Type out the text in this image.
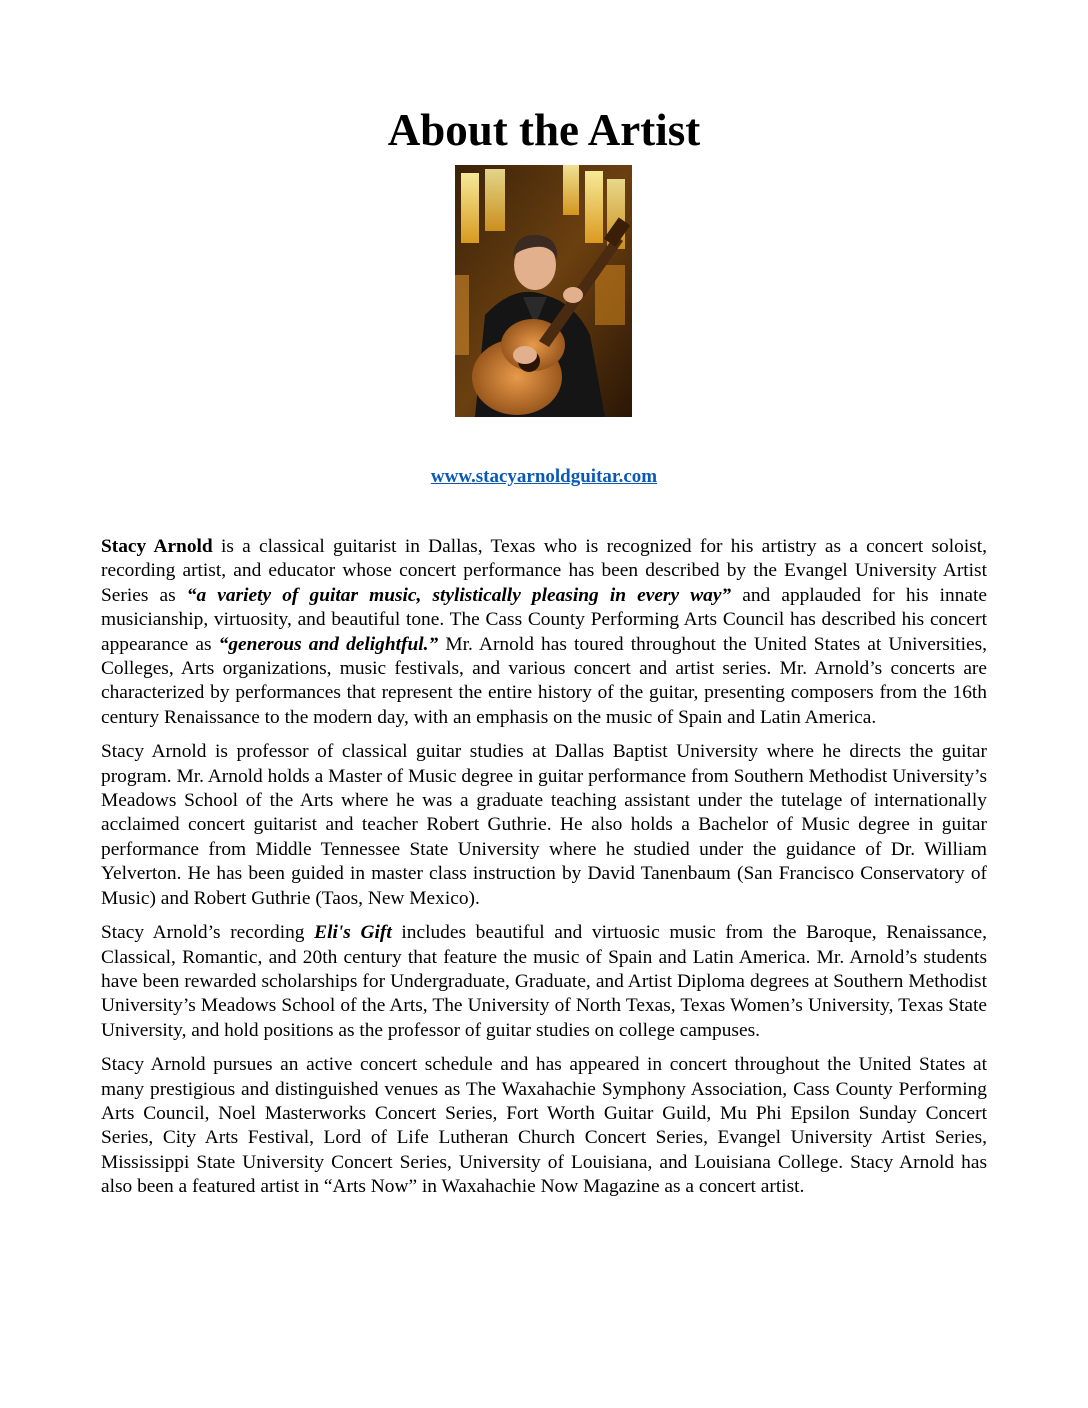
About the Artist
www.stacyarnoldguitar.com

Stacy Arnold is a classical guitarist in Dallas, Texas who is recognized for his artistry as a concert soloist, recording artist, and educator whose concert performance has been described by the Evangel University Artist Series as “a variety of guitar music, stylistically pleasing in every way” and applauded for his innate musicianship, virtuosity, and beautiful tone. The Cass County Performing Arts Council has described his concert appearance as “generous and delightful.” Mr. Arnold has toured throughout the United States at Universities, Colleges, Arts organizations, music festivals, and various concert and artist series. Mr. Arnold’s concerts are characterized by performances that represent the entire history of the guitar, presenting composers from the 16th century Renaissance to the modern day, with an emphasis on the music of Spain and Latin America.

Stacy Arnold is professor of classical guitar studies at Dallas Baptist University where he directs the guitar program. Mr. Arnold holds a Master of Music degree in guitar performance from Southern Methodist University’s Meadows School of the Arts where he was a graduate teaching assistant under the tutelage of internationally acclaimed concert guitarist and teacher Robert Guthrie. He also holds a Bachelor of Music degree in guitar performance from Middle Tennessee State University where he studied under the guidance of Dr. William Yelverton. He has been guided in master class instruction by David Tanenbaum (San Francisco Conservatory of Music) and Robert Guthrie (Taos, New Mexico).

Stacy Arnold’s recording Eli's Gift includes beautiful and virtuosic music from the Baroque, Renaissance, Classical, Romantic, and 20th century that feature the music of Spain and Latin America. Mr. Arnold’s students have been rewarded scholarships for Undergraduate, Graduate, and Artist Diploma degrees at Southern Methodist University’s Meadows School of the Arts, The University of North Texas, Texas Women’s University, Texas State University, and hold positions as the professor of guitar studies on college campuses.

Stacy Arnold pursues an active concert schedule and has appeared in concert throughout the United States at many prestigious and distinguished venues as The Waxahachie Symphony Association, Cass County Performing Arts Council, Noel Masterworks Concert Series, Fort Worth Guitar Guild, Mu Phi Epsilon Sunday Concert Series, City Arts Festival, Lord of Life Lutheran Church Concert Series, Evangel University Artist Series, Mississippi State University Concert Series, University of Louisiana, and Louisiana College. Stacy Arnold has also been a featured artist in “Arts Now” in Waxahachie Now Magazine as a concert artist.
